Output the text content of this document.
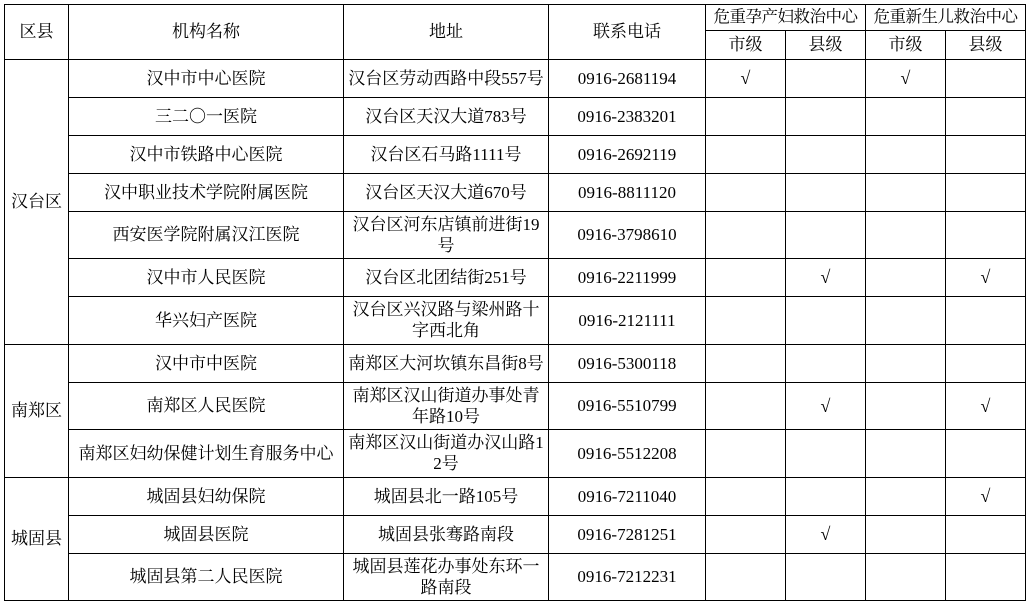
区县	机构名称	地址	联系电话	危重孕产妇救治中心		危重新生儿救治中心	
				市级	县级	市级	县级
汉台区	汉中市中心医院	汉台区劳动西路中段557号	0916-2681194	√		√	
	三二〇一医院	汉台区天汉大道783号	0916-2383201				
	汉中市铁路中心医院	汉台区石马路1111号	0916-2692119				
	汉中职业技术学院附属医院	汉台区天汉大道670号	0916-8811120				
	西安医学院附属汉江医院	汉台区河东店镇前进街19号	0916-3798610				
	汉中市人民医院	汉台区北团结街251号	0916-2211999		√		√
	华兴妇产医院	汉台区兴汉路与梁州路十字西北角	0916-2121111				
南郑区	汉中市中医院	南郑区大河坎镇东昌街8号	0916-5300118				
	南郑区人民医院	南郑区汉山街道办事处青年路10号	0916-5510799		√		√
	南郑区妇幼保健计划生育服务中心	南郑区汉山街道办汉山路12号	0916-5512208				
城固县	城固县妇幼保院	城固县北一路105号	0916-7211040				√
	城固县医院	城固县张骞路南段	0916-7281251		√		
	城固县第二人民医院	城固县莲花办事处东环一路南段	0916-7212231				
